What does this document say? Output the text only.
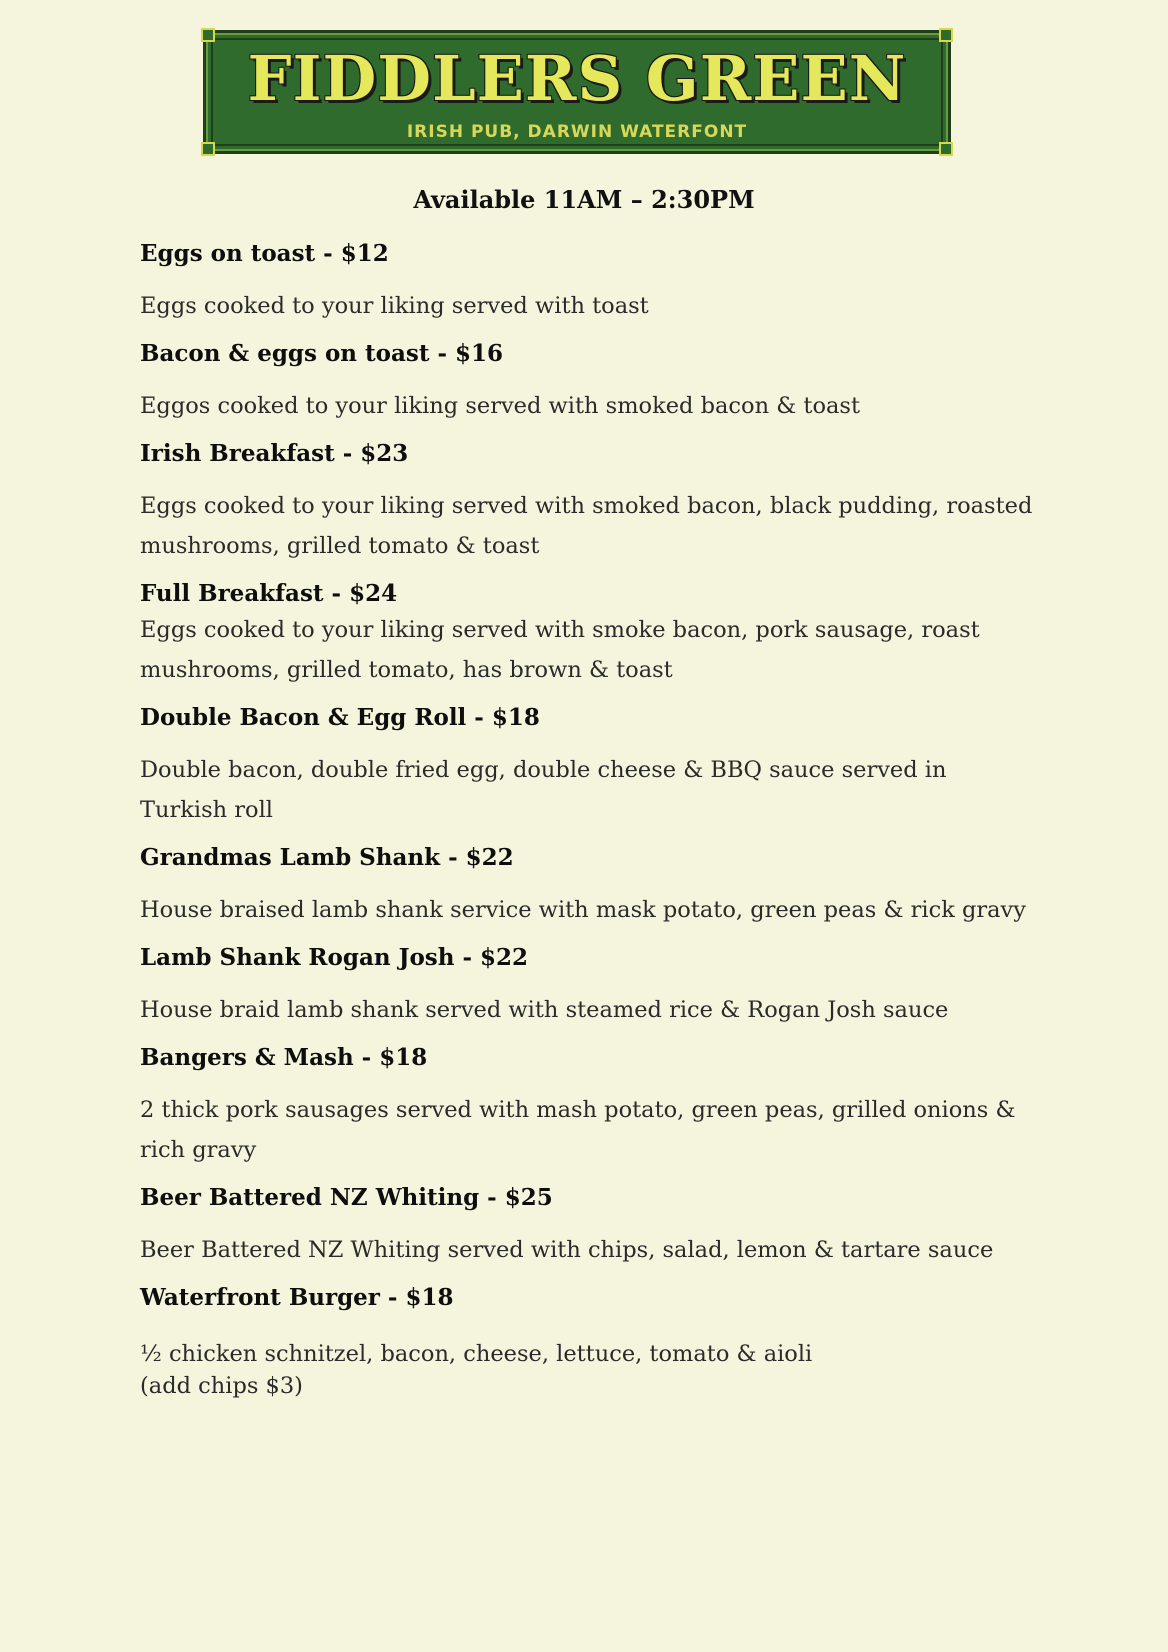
FIDDLERS GREEN
IRISH PUB, DARWIN WATERFONT
Available 11AM – 2:30PM
Eggs on toast - $12
Eggs cooked to your liking served with toast
Bacon & eggs on toast - $16
Eggos cooked to your liking served with smoked bacon & toast
Irish Breakfast - $23
Eggs cooked to your liking served with smoked bacon, black pudding, roasted mushrooms, grilled tomato & toast
Full Breakfast - $24
Eggs cooked to your liking served with smoke bacon, pork sausage, roast mushrooms, grilled tomato, has brown & toast
Double Bacon & Egg Roll - $18
Double bacon, double fried egg, double cheese & BBQ sauce served in Turkish roll
Grandmas Lamb Shank - $22
House braised lamb shank service with mask potato, green peas & rick gravy
Lamb Shank Rogan Josh - $22
House braid lamb shank served with steamed rice & Rogan Josh sauce
Bangers & Mash - $18
2 thick pork sausages served with mash potato, green peas, grilled onions & rich gravy
Beer Battered NZ Whiting - $25
Beer Battered NZ Whiting served with chips, salad, lemon & tartare sauce
Waterfront Burger - $18
½ chicken schnitzel, bacon, cheese, lettuce, tomato & aioli
(add chips $3)
